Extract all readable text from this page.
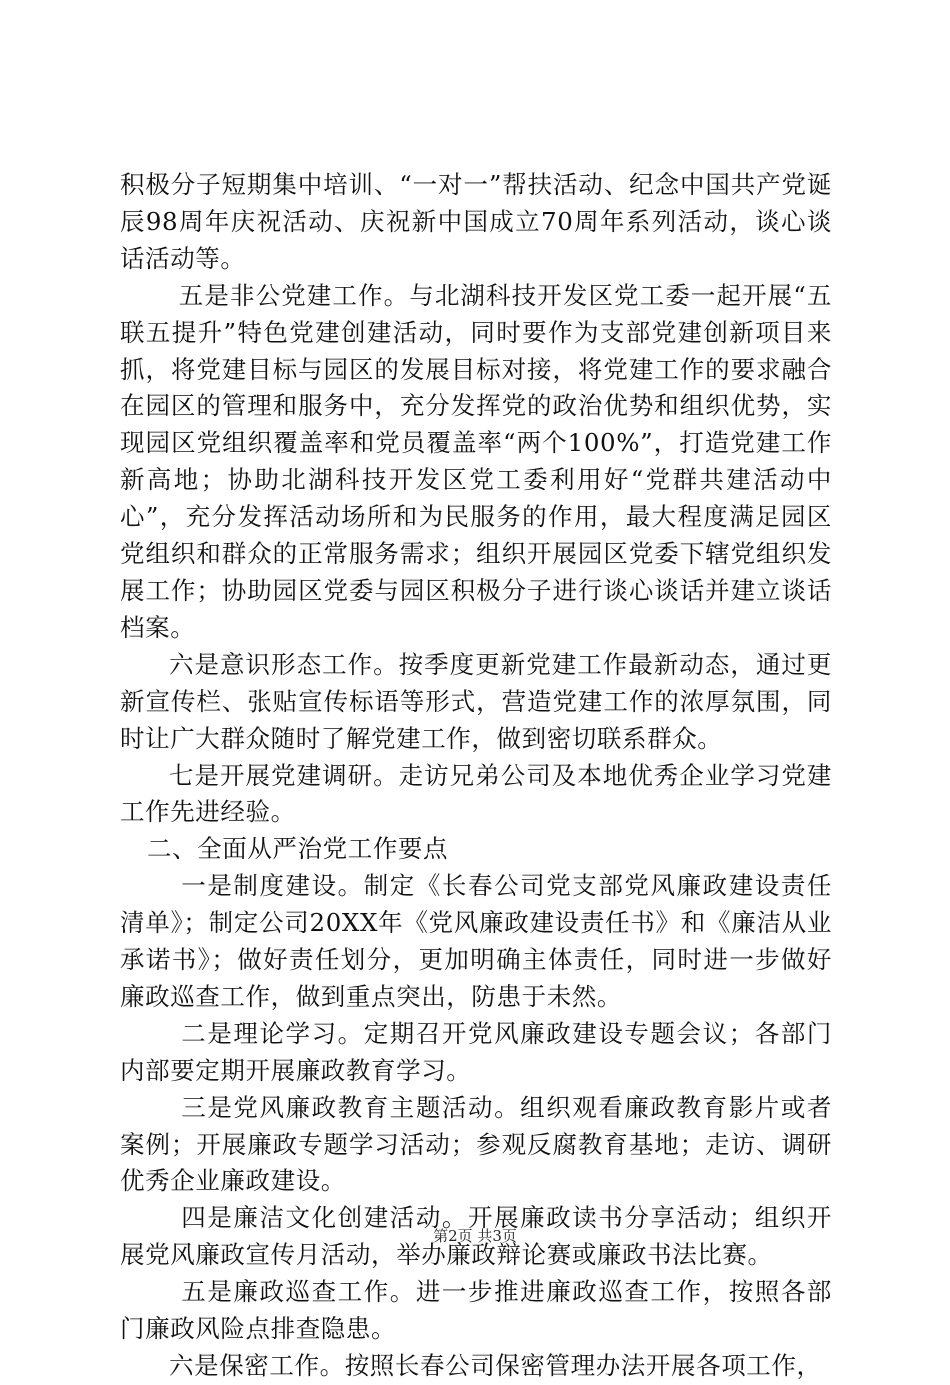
积极分子短期集中培训、“一对一”帮扶活动、纪念中国共产党诞辰98周年庆祝活动、庆祝新中国成立70周年系列活动，谈心谈话活动等。

五是非公党建工作。与北湖科技开发区党工委一起开展“五联五提升”特色党建创建活动，同时要作为支部党建创新项目来抓，将党建目标与园区的发展目标对接，将党建工作的要求融合在园区的管理和服务中，充分发挥党的政治优势和组织优势，实现园区党组织覆盖率和党员覆盖率“两个100%”，打造党建工作新高地；协助北湖科技开发区党工委利用好“党群共建活动中心”，充分发挥活动场所和为民服务的作用，最大程度满足园区党组织和群众的正常服务需求；组织开展园区党委下辖党组织发展工作；协助园区党委与园区积极分子进行谈心谈话并建立谈话档案。

六是意识形态工作。按季度更新党建工作最新动态，通过更新宣传栏、张贴宣传标语等形式，营造党建工作的浓厚氛围，同时让广大群众随时了解党建工作，做到密切联系群众。

七是开展党建调研。走访兄弟公司及本地优秀企业学习党建工作先进经验。

二、全面从严治党工作要点

一是制度建设。制定《长春公司党支部党风廉政建设责任清单》；制定公司20XX年《党风廉政建设责任书》和《廉洁从业承诺书》；做好责任划分，更加明确主体责任，同时进一步做好廉政巡查工作，做到重点突出，防患于未然。

二是理论学习。定期召开党风廉政建设专题会议；各部门内部要定期开展廉政教育学习。

三是党风廉政教育主题活动。组织观看廉政教育影片或者案例；开展廉政专题学习活动；参观反腐教育基地；走访、调研优秀企业廉政建设。

四是廉洁文化创建活动。开展廉政读书分享活动；组织开展党风廉政宣传月活动，举办廉政辩论赛或廉政书法比赛。

五是廉政巡查工作。进一步推进廉政巡查工作，按照各部门廉政风险点排查隐患。

六是保密工作。按照长春公司保密管理办法开展各项工作，

第2页 共3页
